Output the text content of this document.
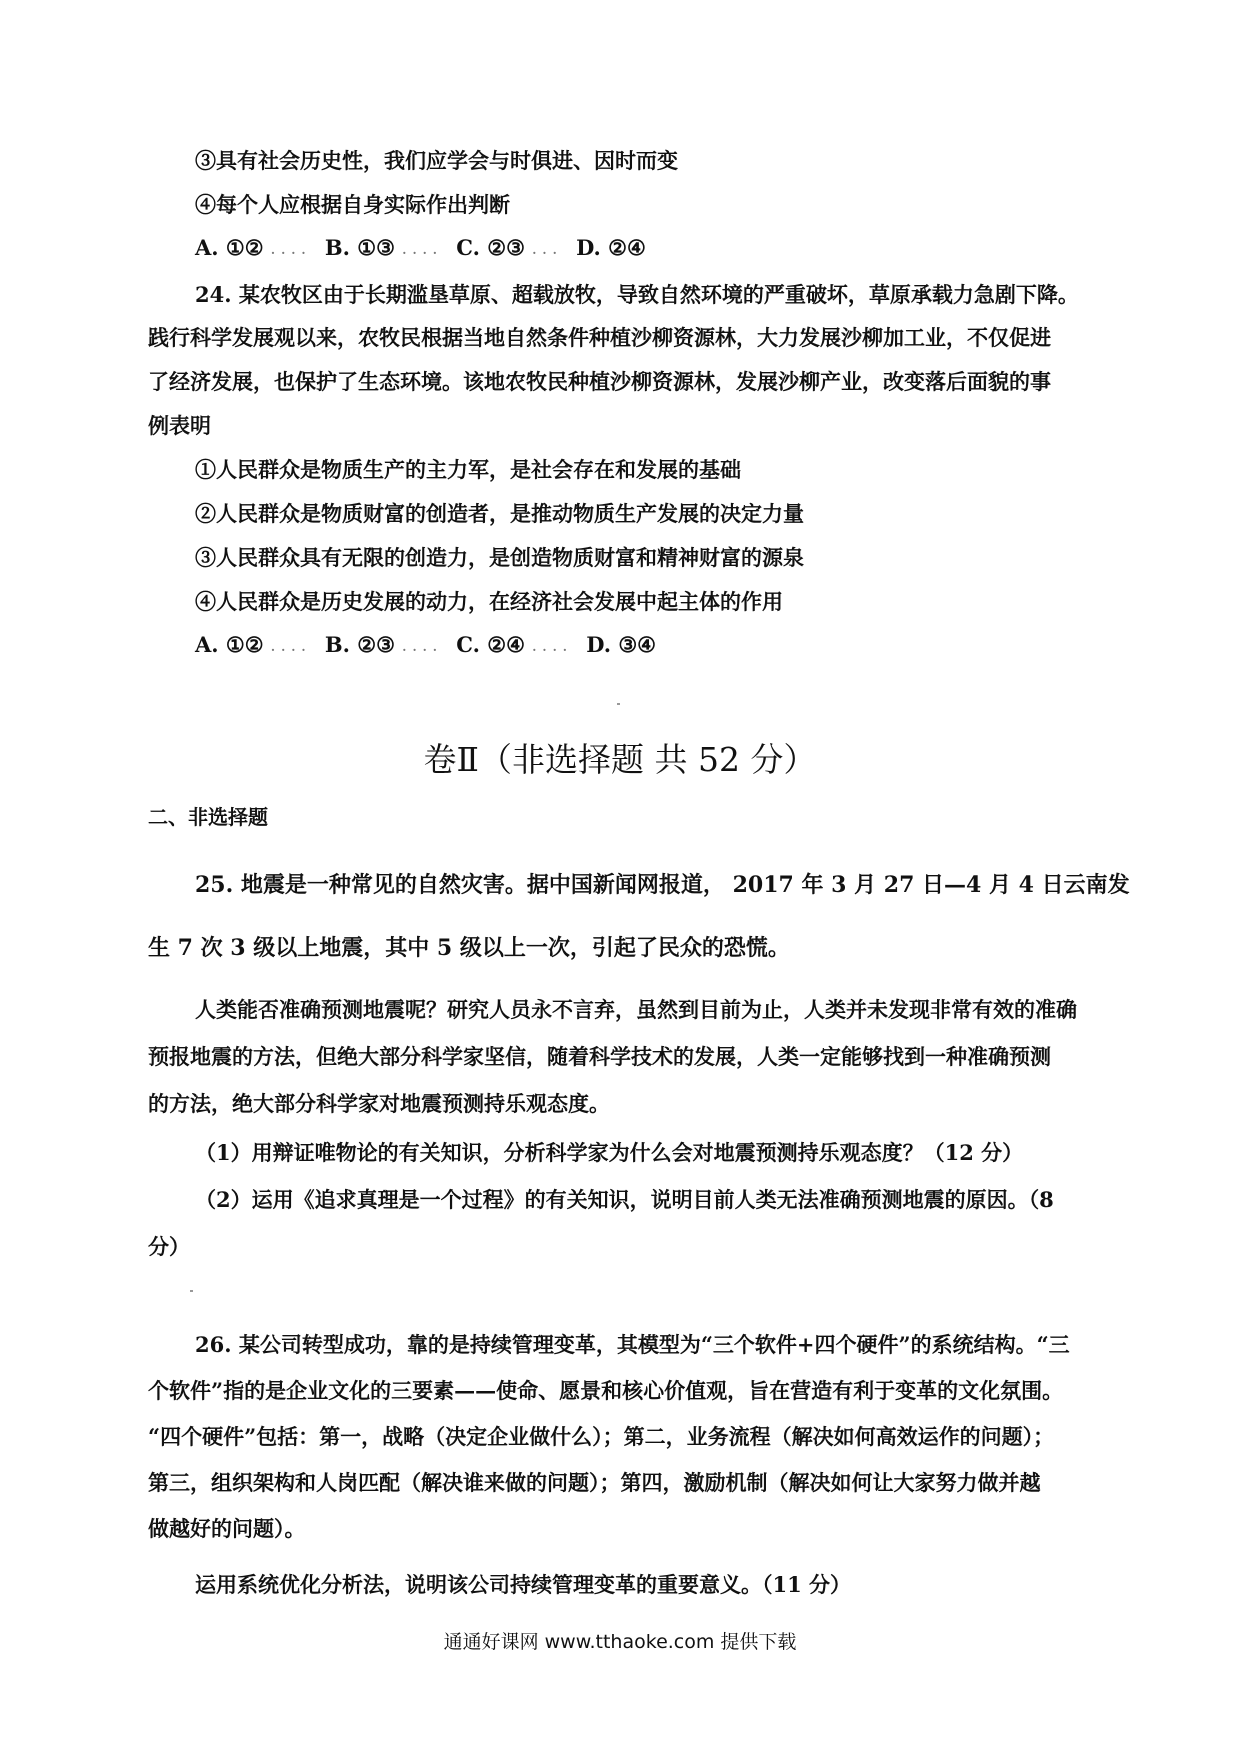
③具有社会历史性，我们应学会与时俱进、因时而变
④每个人应根据自身实际作出判断
A. ①② .... B. ①③ .... C. ②③ ... D. ②④
24. 某农牧区由于长期滥垦草原、超载放牧，导致自然环境的严重破坏，草原承载力急剧下降。
践行科学发展观以来，农牧民根据当地自然条件种植沙柳资源林，大力发展沙柳加工业，不仅促进
了经济发展，也保护了生态环境。该地农牧民种植沙柳资源林，发展沙柳产业，改变落后面貌的事
例表明
①人民群众是物质生产的主力军，是社会存在和发展的基础
②人民群众是物质财富的创造者，是推动物质生产发展的决定力量
③人民群众具有无限的创造力，是创造物质财富和精神财富的源泉
④人民群众是历史发展的动力，在经济社会发展中起主体的作用
A. ①② .... B. ②③ .... C. ②④ .... D. ③④
卷Ⅱ（非选择题 共 52 分）
二、非选择题
25. 地震是一种常见的自然灾害。据中国新闻网报道， 2017 年 3 月 27 日—4 月 4 日云南发
生 7 次 3 级以上地震，其中 5 级以上一次，引起了民众的恐慌。
人类能否准确预测地震呢？研究人员永不言弃，虽然到目前为止，人类并未发现非常有效的准确
预报地震的方法，但绝大部分科学家坚信，随着科学技术的发展，人类一定能够找到一种准确预测
的方法，绝大部分科学家对地震预测持乐观态度。
（1）用辩证唯物论的有关知识，分析科学家为什么会对地震预测持乐观态度？（12 分）
（2）运用《追求真理是一个过程》的有关知识，说明目前人类无法准确预测地震的原因。（8
分）
26. 某公司转型成功，靠的是持续管理变革，其模型为“三个软件+四个硬件”的系统结构。“三
个软件”指的是企业文化的三要素——使命、愿景和核心价值观，旨在营造有利于变革的文化氛围。
“四个硬件”包括：第一，战略（决定企业做什么）；第二，业务流程（解决如何高效运作的问题）；
第三，组织架构和人岗匹配（解决谁来做的问题）；第四，激励机制（解决如何让大家努力做并越
做越好的问题）。
运用系统优化分析法，说明该公司持续管理变革的重要意义。（11 分）
通通好课网 www.tthaoke.com 提供下载
